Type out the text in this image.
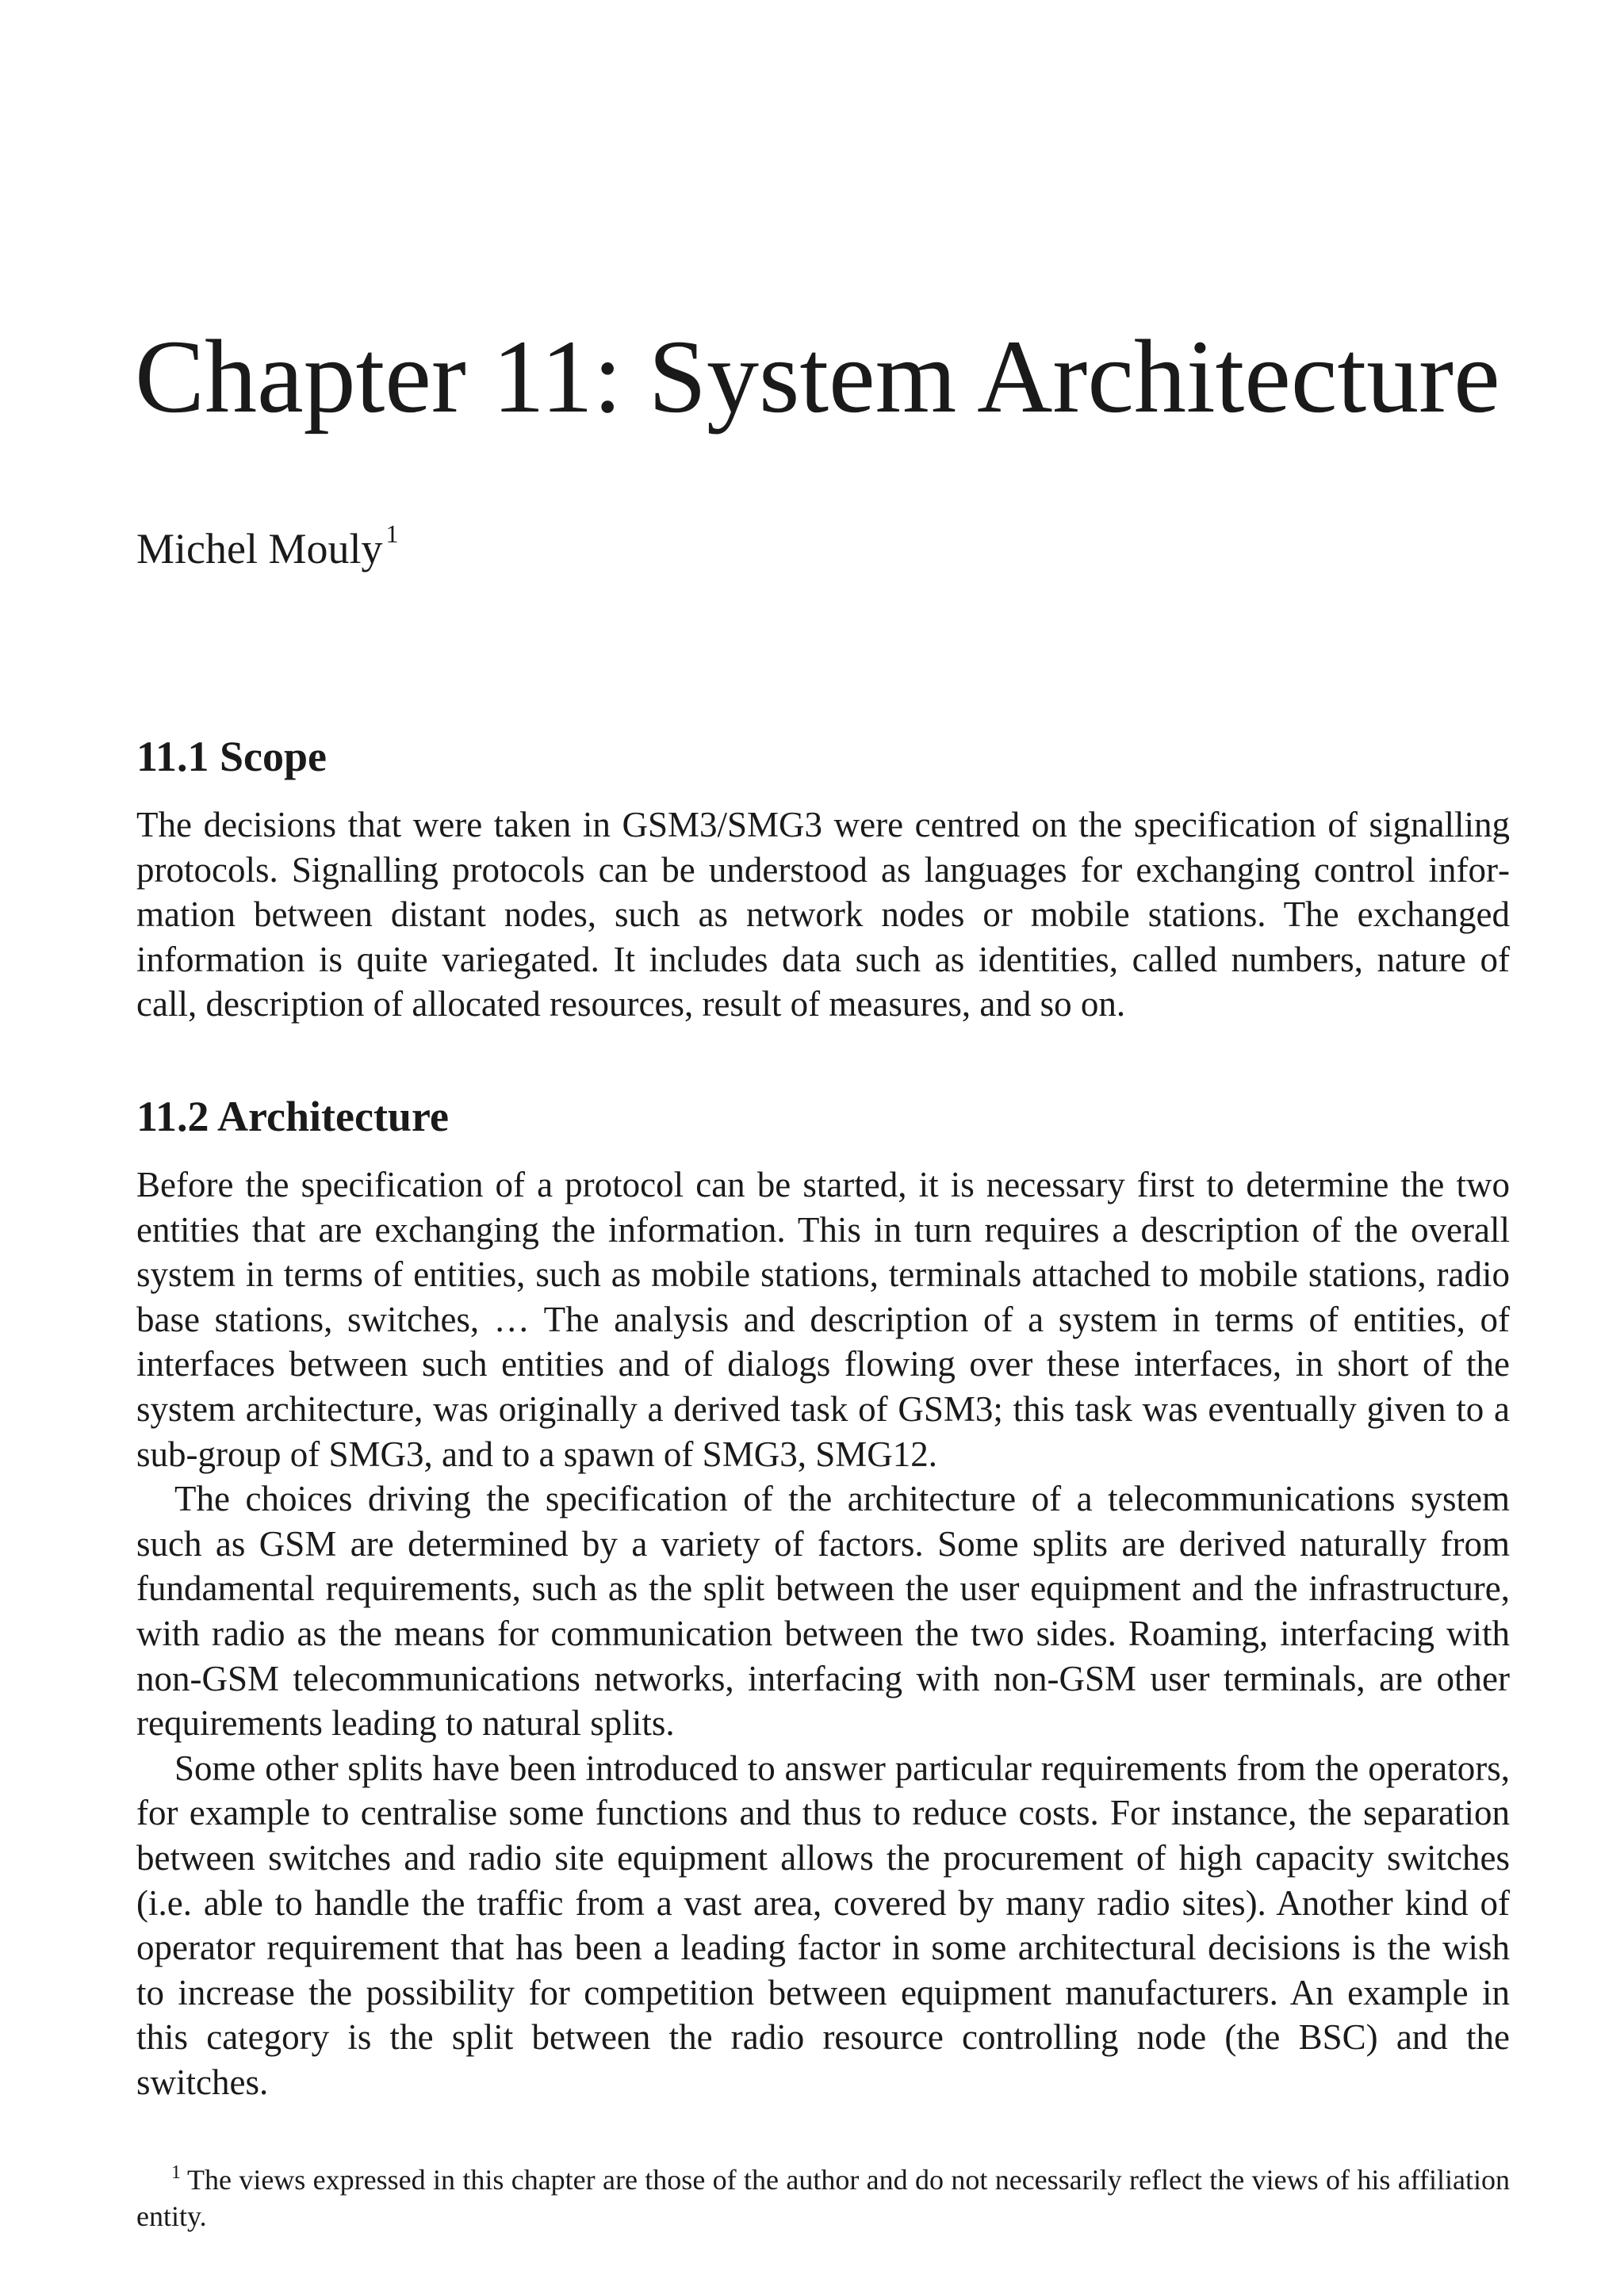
Chapter 11: System Architecture
Michel Mouly $^1$
11.1 Scope

The decisions that were taken in GSM3/SMG3 were centred on the specification of signalling protocols. Signalling protocols can be understood as languages for exchanging control information between distant nodes, such as network nodes or mobile stations. The exchanged information is quite variegated. It includes data such as identities, called numbers, nature of call, description of allocated resources, result of measures, and so on.

11.2 Architecture

Before the specification of a protocol can be started, it is necessary first to determine the two entities that are exchanging the information. This in turn requires a description of the overall system in terms of entities, such as mobile stations, terminals attached to mobile stations, radio base stations, switches, … The analysis and description of a system in terms of entities, of interfaces between such entities and of dialogs flowing over these interfaces, in short of the system architecture, was originally a derived task of GSM3; this task was eventually given to a sub-group of SMG3, and to a spawn of SMG3, SMG12.

The choices driving the specification of the architecture of a telecommunications system such as GSM are determined by a variety of factors. Some splits are derived naturally from fundamental requirements, such as the split between the user equipment and the infrastructure, with radio as the means for communication between the two sides. Roaming, interfacing with non-GSM telecommunications networks, interfacing with non-GSM user terminals, are other requirements leading to natural splits.

Some other splits have been introduced to answer particular requirements from the operators, for example to centralise some functions and thus to reduce costs. For instance, the separation between switches and radio site equipment allows the procurement of high capacity switches (i.e. able to handle the traffic from a vast area, covered by many radio sites). Another kind of operator requirement that has been a leading factor in some architectural decisions is the wish to increase the possibility for competition between equipment manufacturers. An example in this category is the split between the radio resource controlling node (the BSC) and the switches.

$^1$ The views expressed in this chapter are those of the author and do not necessarily reflect the views of his affiliation entity.
